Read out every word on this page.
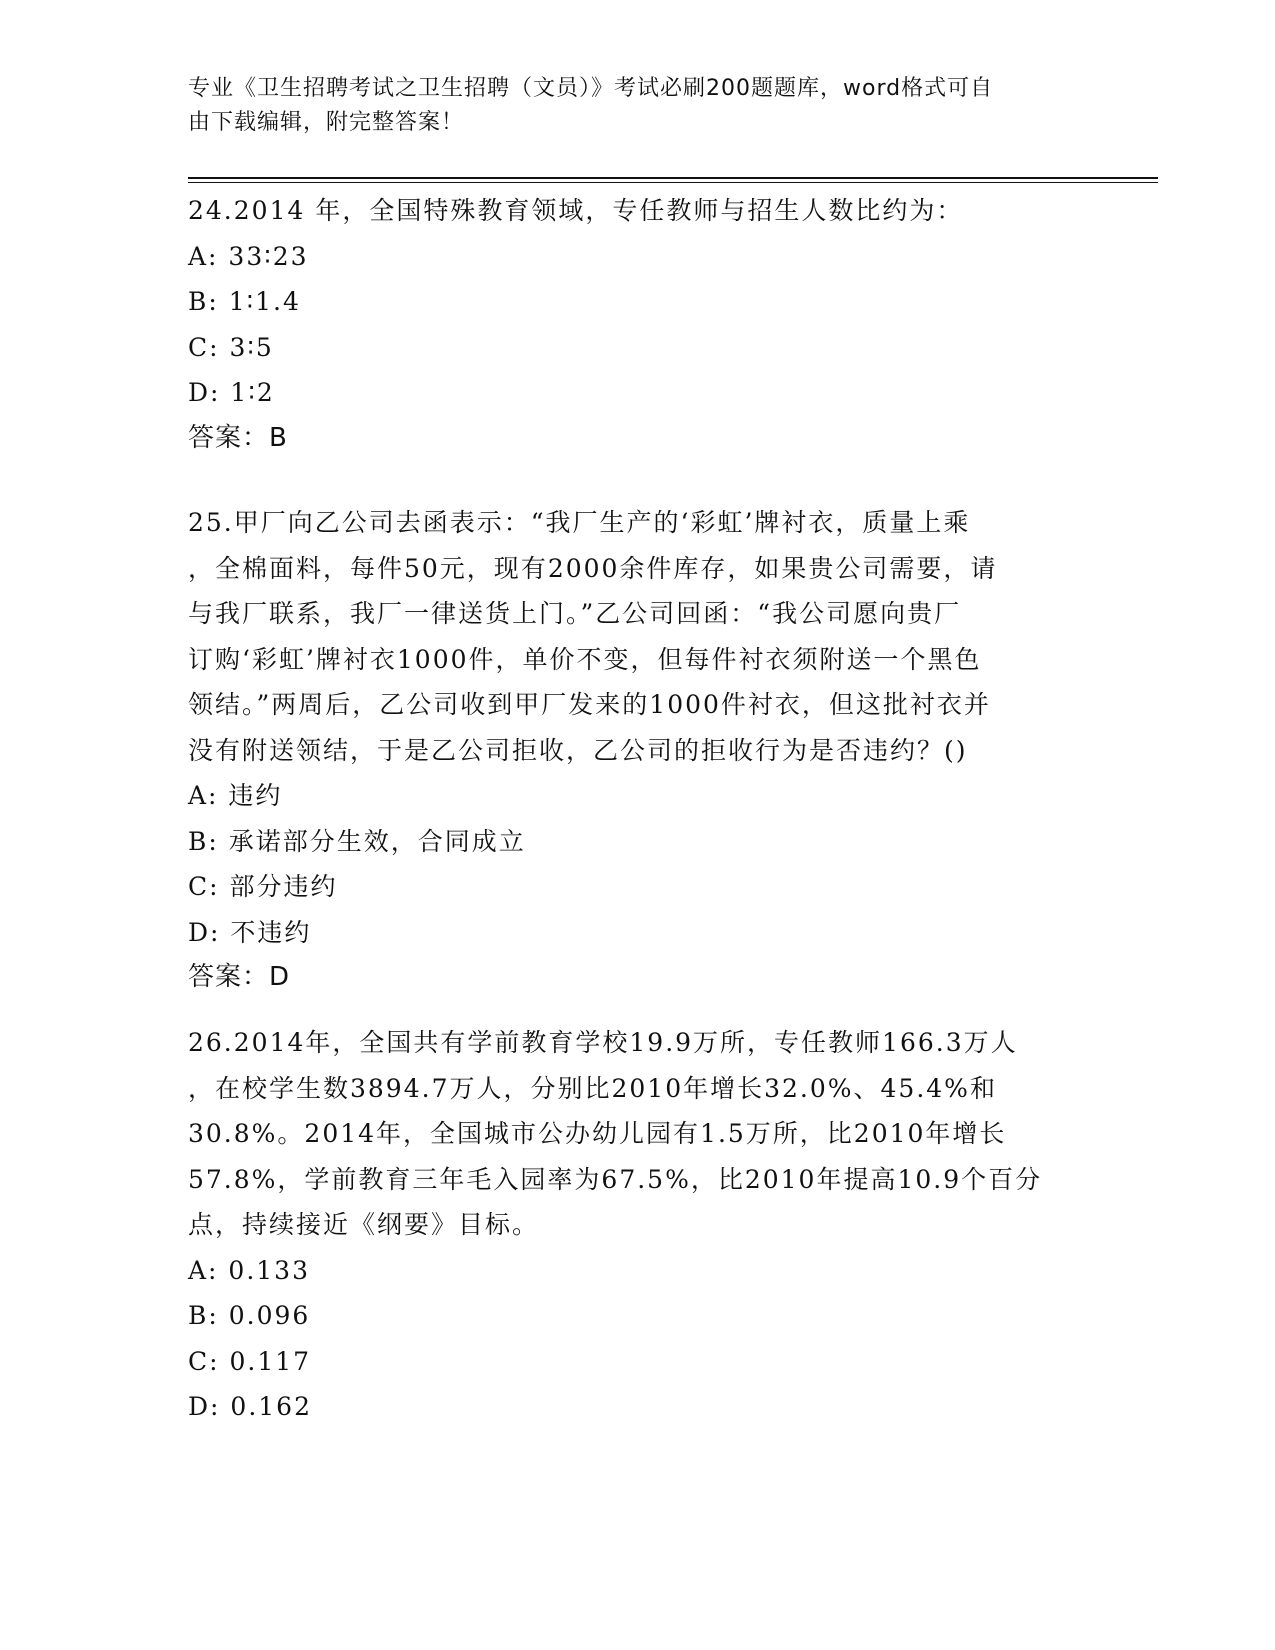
专业《卫生招聘考试之卫生招聘（文员）》考试必刷200题题库，word格式可自
由下载编辑，附完整答案！

24.2014 年，全国特殊教育领域，专任教师与招生人数比约为：

A: 33∶23

B: 1∶1.4

C: 3∶5

D: 1∶2

答案：B

25.甲厂向乙公司去函表示：“我厂生产的‘彩虹’牌衬衣，质量上乘

，全棉面料，每件50元，现有2000余件库存，如果贵公司需要，请

与我厂联系，我厂一律送货上门。”乙公司回函：“我公司愿向贵厂

订购‘彩虹’牌衬衣1000件，单价不变，但每件衬衣须附送一个黑色

领结。”两周后，乙公司收到甲厂发来的1000件衬衣，但这批衬衣并

没有附送领结，于是乙公司拒收，乙公司的拒收行为是否违约？()

A: 违约

B: 承诺部分生效，合同成立

C: 部分违约

D: 不违约

答案：D

26.2014年，全国共有学前教育学校19.9万所，专任教师166.3万人

，在校学生数3894.7万人，分别比2010年增长32.0%、45.4%和

30.8%。2014年，全国城市公办幼儿园有1.5万所，比2010年增长

57.8%，学前教育三年毛入园率为67.5%，比2010年提高10.9个百分

点，持续接近《纲要》目标。

A: 0.133

B: 0.096

C: 0.117

D: 0.162
